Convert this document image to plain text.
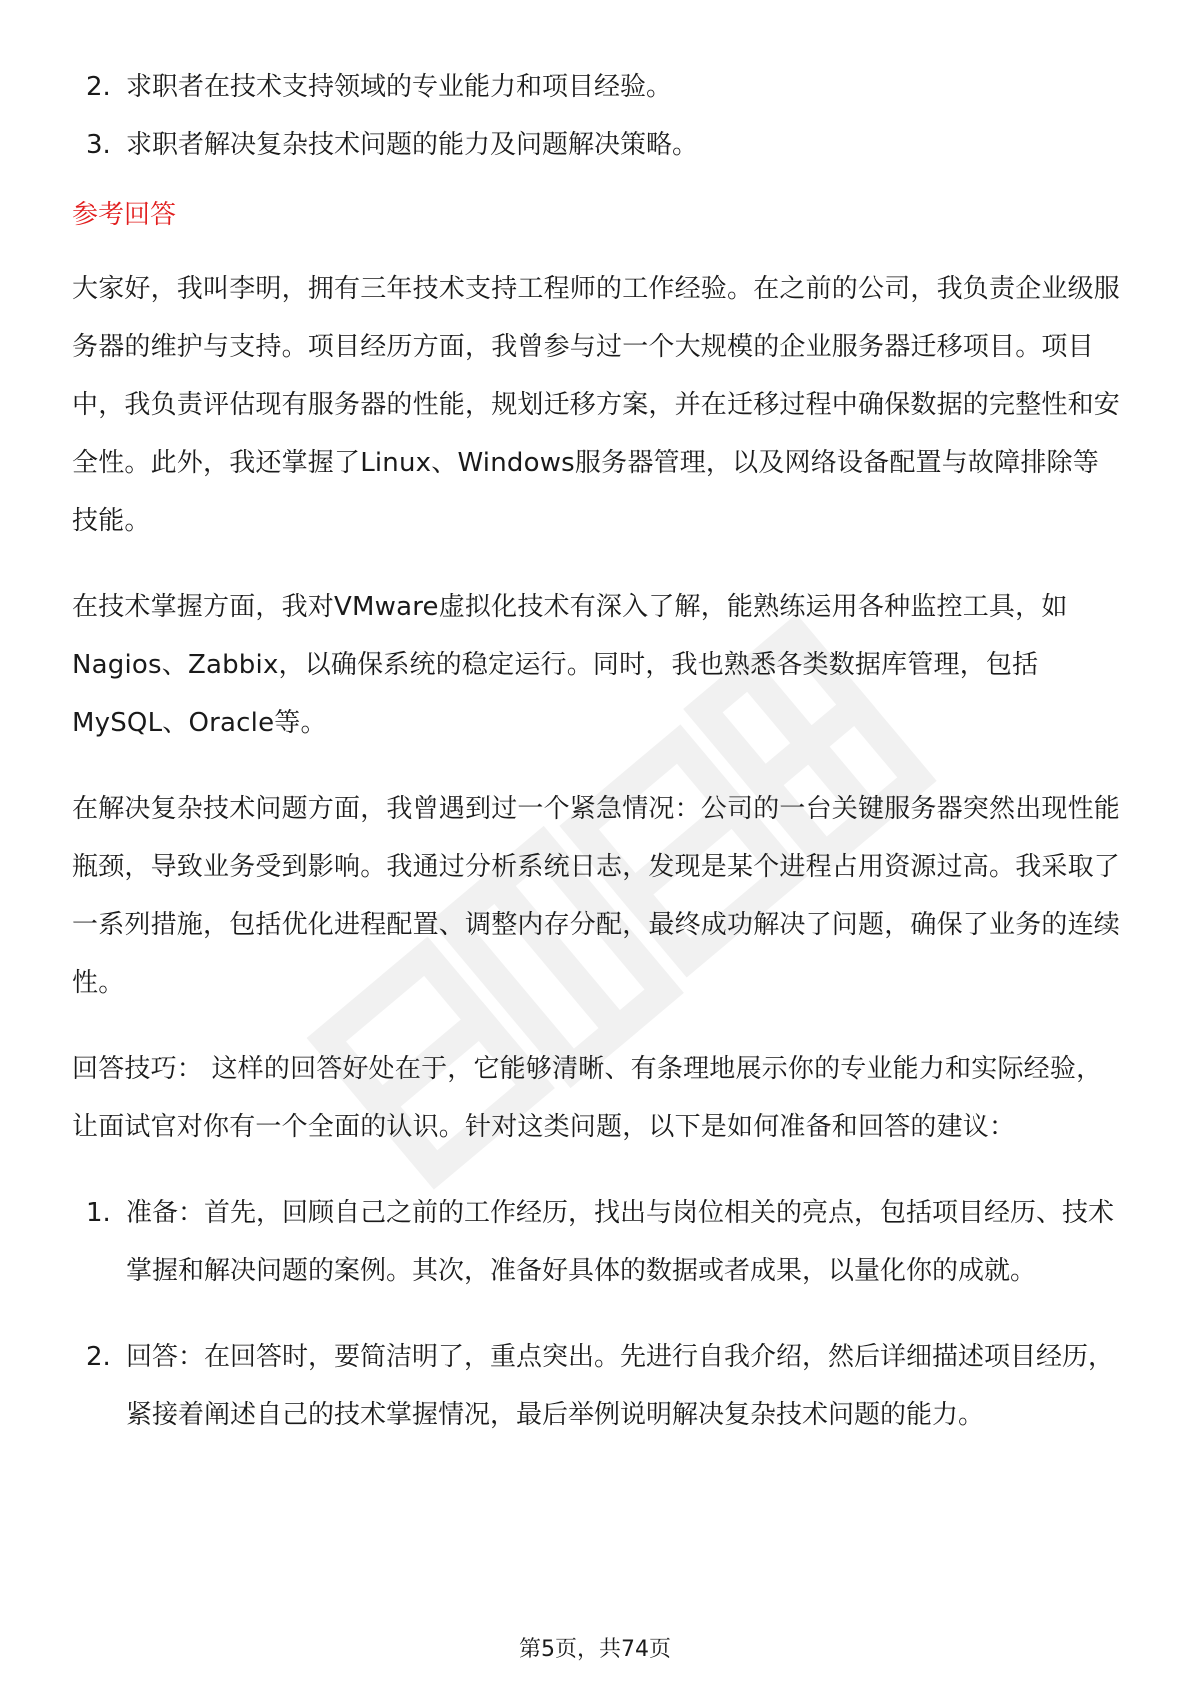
2. 求职者在技术支持领域的专业能力和项目经验。
3. 求职者解决复杂技术问题的能力及问题解决策略。
参考回答

大家好，我叫李明，拥有三年技术支持工程师的工作经验。在之前的公司，我负责企业级服务器的维护与支持。项目经历方面，我曾参与过一个大规模的企业服务器迁移项目。项目中，我负责评估现有服务器的性能，规划迁移方案，并在迁移过程中确保数据的完整性和安全性。此外，我还掌握了Linux、Windows服务器管理，以及网络设备配置与故障排除等技能。

在技术掌握方面，我对VMware虚拟化技术有深入了解，能熟练运用各种监控工具，如Nagios、Zabbix，以确保系统的稳定运行。同时，我也熟悉各类数据库管理，包括MySQL、Oracle等。

在解决复杂技术问题方面，我曾遇到过一个紧急情况：公司的一台关键服务器突然出现性能瓶颈，导致业务受到影响。我通过分析系统日志，发现是某个进程占用资源过高。我采取了一系列措施，包括优化进程配置、调整内存分配，最终成功解决了问题，确保了业务的连续性。

回答技巧： 这样的回答好处在于，它能够清晰、有条理地展示你的专业能力和实际经验，让面试官对你有一个全面的认识。针对这类问题，以下是如何准备和回答的建议：

1. 准备：首先，回顾自己之前的工作经历，找出与岗位相关的亮点，包括项目经历、技术掌握和解决问题的案例。其次，准备好具体的数据或者成果，以量化你的成就。
2. 回答：在回答时，要简洁明了，重点突出。先进行自我介绍，然后详细描述项目经历，紧接着阐述自己的技术掌握情况，最后举例说明解决复杂技术问题的能力。
第5页，共74页
